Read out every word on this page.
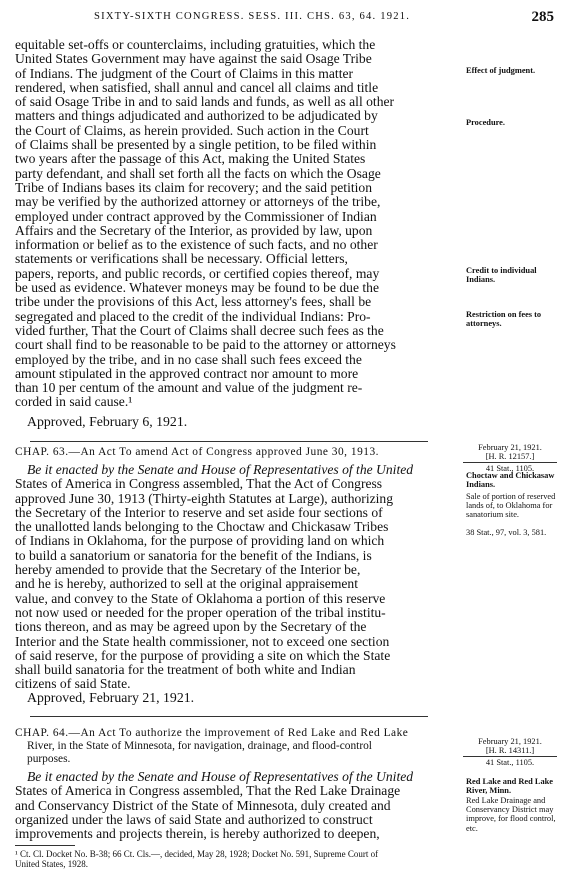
SIXTY-SIXTH CONGRESS. SESS. III. CHS. 63, 64. 1921.	285

equitable set-offs or counterclaims, including gratuities, which the

United States Government may have against the said Osage Tribe

of Indians. The judgment of the Court of Claims in this matter

rendered, when satisfied, shall annul and cancel all claims and title

of said Osage Tribe in and to said lands and funds, as well as all other

matters and things adjudicated and authorized to be adjudicated by

the Court of Claims, as herein provided. Such action in the Court

of Claims shall be presented by a single petition, to be filed within

two years after the passage of this Act, making the United States

party defendant, and shall set forth all the facts on which the Osage

Tribe of Indians bases its claim for recovery; and the said petition

may be verified by the authorized attorney or attorneys of the tribe,

employed under contract approved by the Commissioner of Indian

Affairs and the Secretary of the Interior, as provided by law, upon

information or belief as to the existence of such facts, and no other

statements or verifications shall be necessary. Official letters,

papers, reports, and public records, or certified copies thereof, may

be used as evidence. Whatever moneys may be found to be due the

tribe under the provisions of this Act, less attorney's fees, shall be

segregated and placed to the credit of the individual Indians: Pro-

vided further, That the Court of Claims shall decree such fees as the

court shall find to be reasonable to be paid to the attorney or attorneys

employed by the tribe, and in no case shall such fees exceed the

amount stipulated in the approved contract nor amount to more

than 10 per centum of the amount and value of the judgment re-

corded in said cause.¹

Approved, February 6, 1921.
Effect of judgment.
Procedure.
Credit to individual Indians.
Restriction on fees to attorneys.
CHAP. 63.—An Act To amend Act of Congress approved June 30, 1913.	February 21, 1921.
[H. R. 12157.]
41 Stat., 1105.

Be it enacted by the Senate and House of Representatives of the United

States of America in Congress assembled, That the Act of Congress

approved June 30, 1913 (Thirty-eighth Statutes at Large), authorizing

the Secretary of the Interior to reserve and set aside four sections of

the unallotted lands belonging to the Choctaw and Chickasaw Tribes

of Indians in Oklahoma, for the purpose of providing land on which

to build a sanatorium or sanatoria for the benefit of the Indians, is

hereby amended to provide that the Secretary of the Interior be,

and he is hereby, authorized to sell at the original appraisement

value, and convey to the State of Oklahoma a portion of this reserve

not now used or needed for the proper operation of the tribal institu-

tions thereon, and as may be agreed upon by the Secretary of the

Interior and the State health commissioner, not to exceed one section

of said reserve, for the purpose of providing a site on which the State

shall build sanatoria for the treatment of both white and Indian

citizens of said State.

Approved, February 21, 1921.
Choctaw and Chickasaw Indians.
Sale of portion of reserved lands of, to Oklahoma for sanatorium site.
38 Stat., 97, vol. 3, 581.
CHAP. 64.—An Act To authorize the improvement of Red Lake and Red Lake
River, in the State of Minnesota, for navigation, drainage, and flood-control
purposes.
February 21, 1921.
[H. R. 14311.]
41 Stat., 1105.

Be it enacted by the Senate and House of Representatives of the United

States of America in Congress assembled, That the Red Lake Drainage

and Conservancy District of the State of Minnesota, duly created and

organized under the laws of said State and authorized to construct

improvements and projects therein, is hereby authorized to deepen,

Red Lake and Red Lake River, Minn.
Red Lake Drainage and Conservancy District may improve, for flood control, etc.
¹ Ct. Cl. Docket No. B-38; 66 Ct. Cls.—, decided, May 28, 1928; Docket No. 591, Supreme Court of
United States, 1928.
